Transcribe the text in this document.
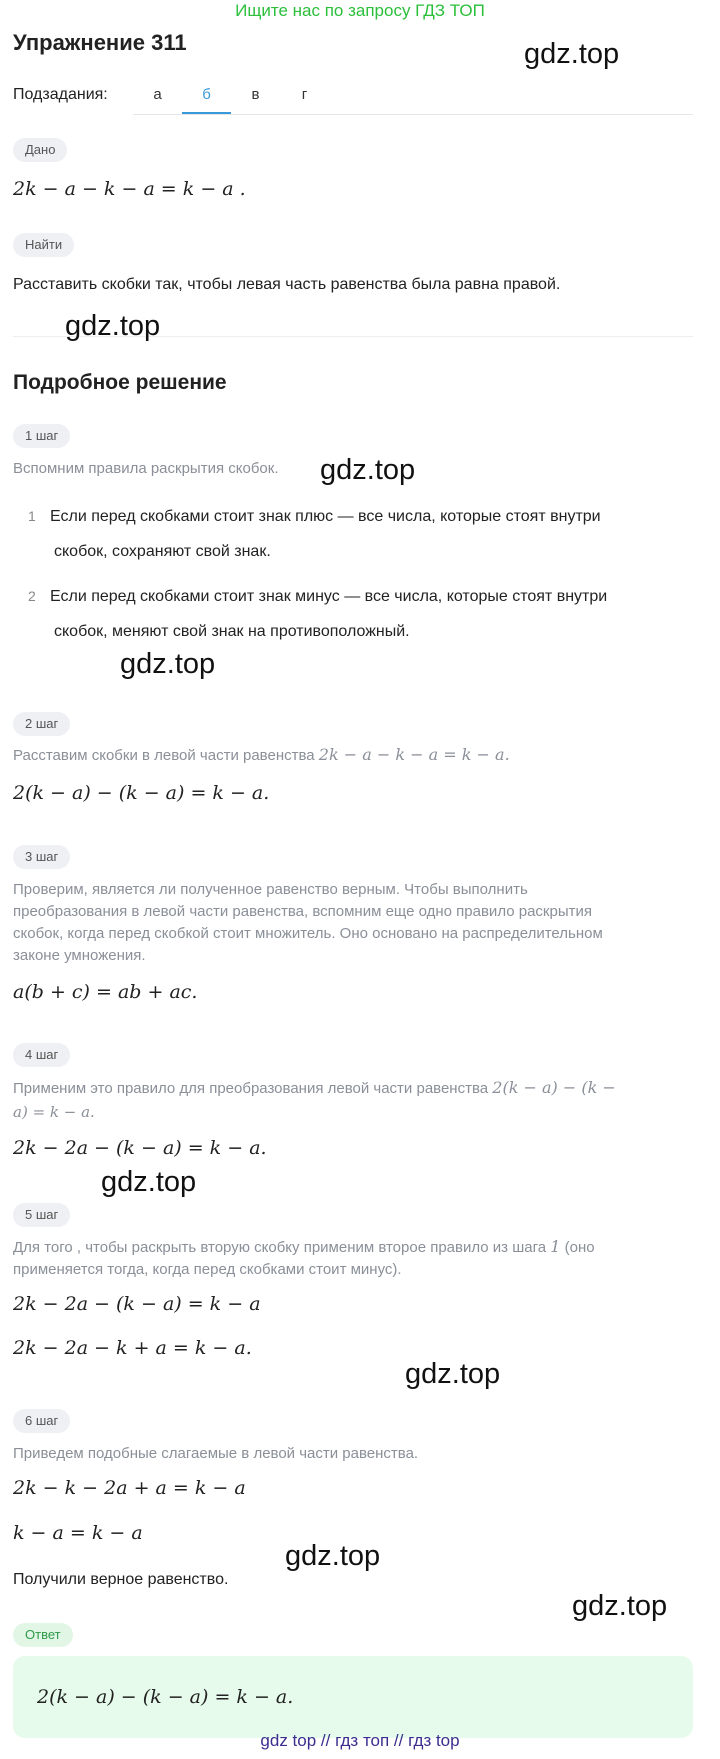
Ищите нас по запросу ГДЗ ТОП
Упражнение 311
Подзадания:	а	б	в	г
Дано
2k − a − k − a = k − a .
Найти
Расставить скобки так, чтобы левая часть равенства была равна правой.
Подробное решение
1 шаг
Вспомним правила раскрытия скобок.
1 Если перед скобками стоит знак плюс — все числа, которые стоят внутри
скобок, сохраняют свой знак.
2 Если перед скобками стоит знак минус — все числа, которые стоят внутри
скобок, меняют свой знак на противоположный.
2 шаг
Расставим скобки в левой части равенства 2k − a − k − a = k − a.
2(k − a) − (k − a) = k − a.
3 шаг
Проверим, является ли полученное равенство верным. Чтобы выполнить
преобразования в левой части равенства, вспомним еще одно правило раскрытия
скобок, когда перед скобкой стоит множитель. Оно основано на распределительном
законе умножения.
a(b + c) = ab + ac.
4 шаг
Применим это правило для преобразования левой части равенства 2(k − a) − (k −
a) = k − a.
2k − 2a − (k − a) = k − a.
5 шаг
Для того , чтобы раскрыть вторую скобку применим второе правило из шага 1 (оно
применяется тогда, когда перед скобками стоит минус).
2k − 2a − (k − a) = k − a
2k − 2a − k + a = k − a.
6 шаг
Приведем подобные слагаемые в левой части равенства.
2k − k − 2a + a = k − a
k − a = k − a
Получили верное равенство.
Ответ
2(k − a) − (k − a) = k − a.
gdz.top
gdz.top
gdz.top
gdz.top
gdz.top
gdz.top
gdz.top
gdz.top
gdz top // гдз топ // гдз top
